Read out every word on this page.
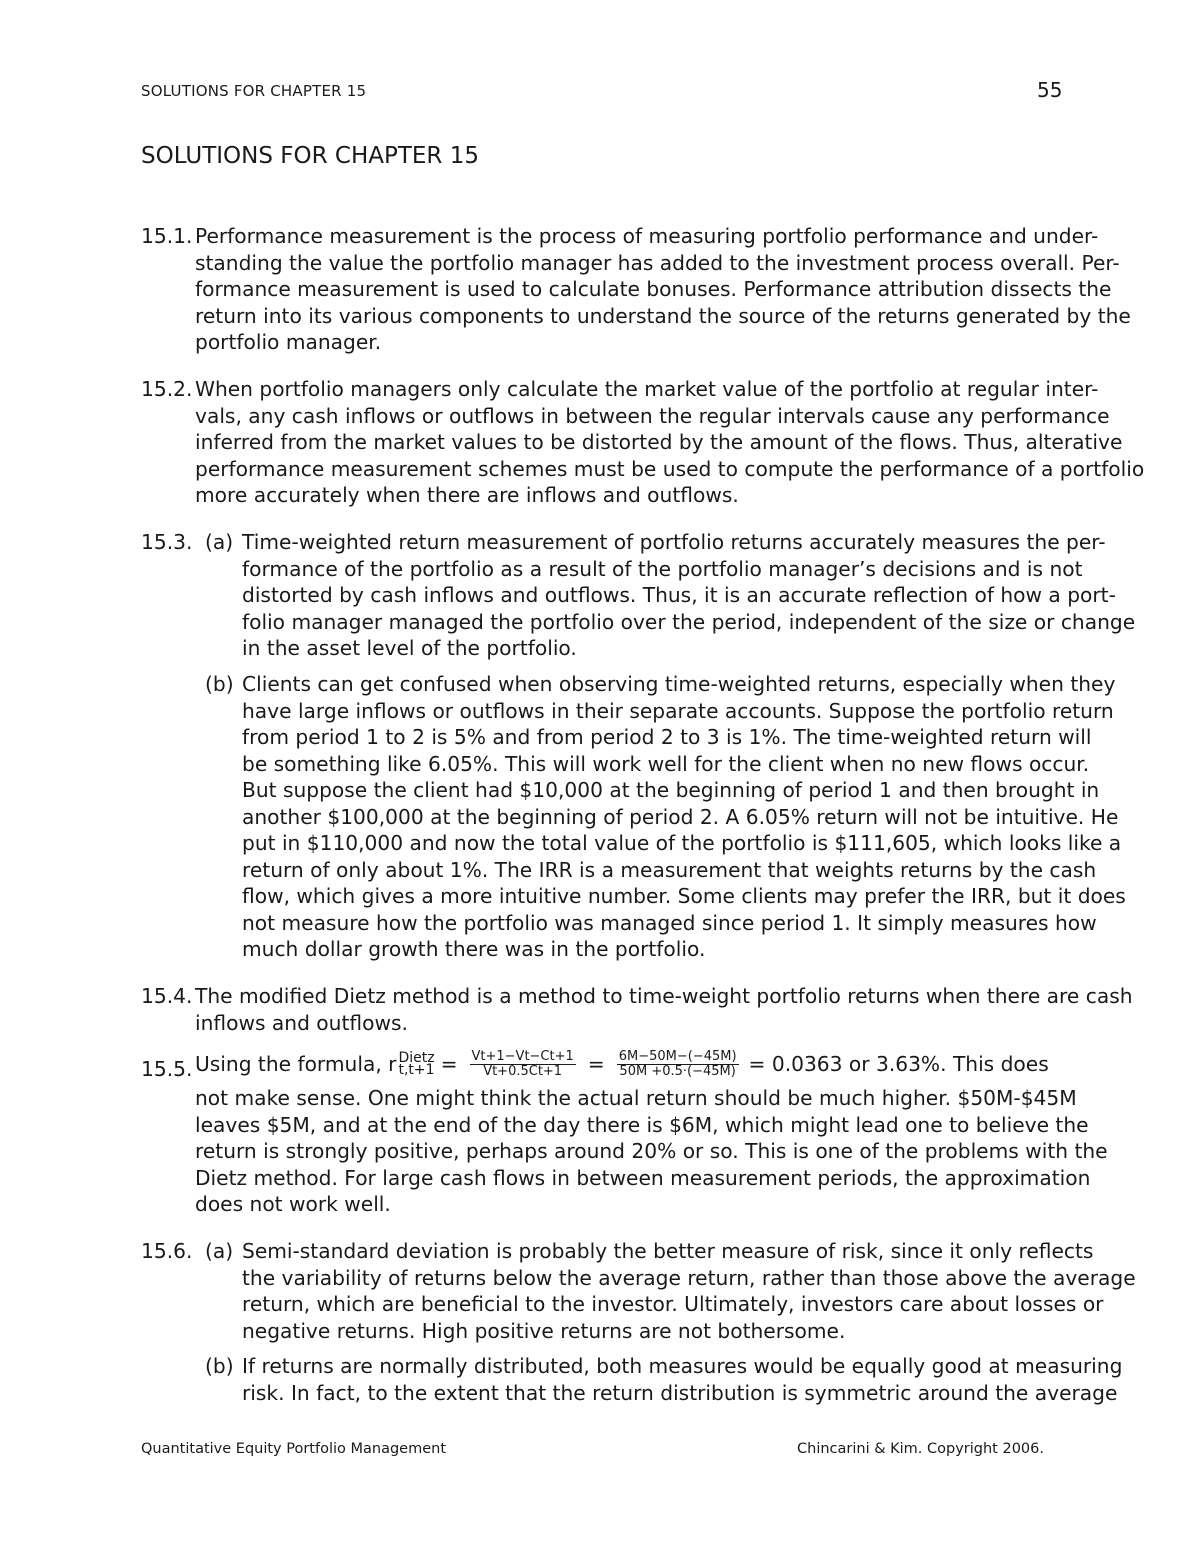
SOLUTIONS FOR CHAPTER 15	55
SOLUTIONS FOR CHAPTER 15
15.1. Performance measurement is the process of measuring portfolio performance and under-
standing the value the portfolio manager has added to the investment process overall. Per-
formance measurement is used to calculate bonuses. Performance attribution dissects the
return into its various components to understand the source of the returns generated by the
portfolio manager.
15.2. When portfolio managers only calculate the market value of the portfolio at regular inter-
vals, any cash inflows or outflows in between the regular intervals cause any performance
inferred from the market values to be distorted by the amount of the flows. Thus, alterative
performance measurement schemes must be used to compute the performance of a portfolio
more accurately when there are inflows and outflows.
15.3. (a) Time-weighted return measurement of portfolio returns accurately measures the per-
formance of the portfolio as a result of the portfolio manager’s decisions and is not
distorted by cash inflows and outflows. Thus, it is an accurate reflection of how a port-
folio manager managed the portfolio over the period, independent of the size or change
in the asset level of the portfolio.
(b) Clients can get confused when observing time-weighted returns, especially when they
have large inflows or outflows in their separate accounts. Suppose the portfolio return
from period 1 to 2 is 5% and from period 2 to 3 is 1%. The time-weighted return will
be something like 6.05%. This will work well for the client when no new flows occur.
But suppose the client had $10,000 at the beginning of period 1 and then brought in
another $100,000 at the beginning of period 2. A 6.05% return will not be intuitive. He
put in $110,000 and now the total value of the portfolio is $111,605, which looks like a
return of only about 1%. The IRR is a measurement that weights returns by the cash
flow, which gives a more intuitive number. Some clients may prefer the IRR, but it does
not measure how the portfolio was managed since period 1. It simply measures how
much dollar growth there was in the portfolio.
15.4. The modified Dietz method is a method to time-weight portfolio returns when there are cash
inflows and outflows.
15.5. Using the formula, r Dietz
$t,t+1 = \frac{Vt+1-Vt-Ct+1}{Vt+0.5Ct+1} = \frac{6M-50M-(-45M)}{50M +0.5\cdot(-45M)} = 0.0363$ or 3.63%. This does
not make sense. One might think the actual return should be much higher. $50M-$45M
leaves $5M, and at the end of the day there is $6M, which might lead one to believe the
return is strongly positive, perhaps around 20% or so. This is one of the problems with the
Dietz method. For large cash flows in between measurement periods, the approximation
does not work well.
15.6. (a) Semi-standard deviation is probably the better measure of risk, since it only reflects
the variability of returns below the average return, rather than those above the average
return, which are beneficial to the investor. Ultimately, investors care about losses or
negative returns. High positive returns are not bothersome.
(b) If returns are normally distributed, both measures would be equally good at measuring
risk. In fact, to the extent that the return distribution is symmetric around the average
Quantitative Equity Portfolio Management	Chincarini & Kim. Copyright 2006.
